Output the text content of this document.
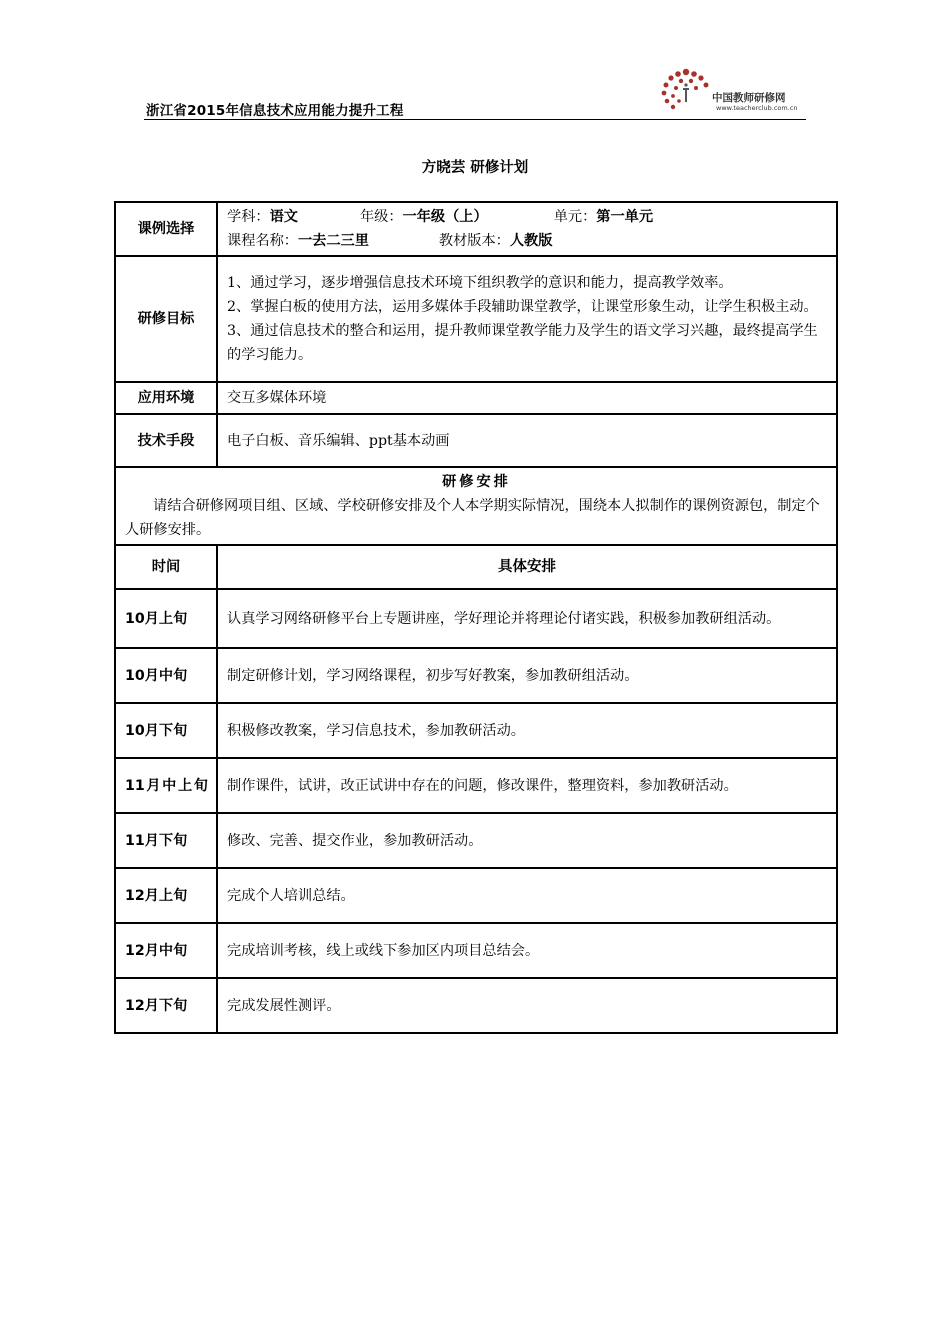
浙江省2015年信息技术应用能力提升工程
中国教师研修网
www.teacherclub.com.cn
方晓芸 研修计划
课例选择	学科：语文 年级：一年级（上） 单元：第一单元
课程名称：一去二三里 教材版本：人教版

研修目标	1、通过学习，逐步增强信息技术环境下组织教学的意识和能力，提高教学效率。
2、掌握白板的使用方法，运用多媒体手段辅助课堂教学，让课堂形象生动，让学生积极主动。
3、通过信息技术的整合和运用，提升教师课堂教学能力及学生的语文学习兴趣，最终提高学生的学习能力。

应用环境	交互多媒体环境
技术手段	电子白板、音乐编辑、ppt基本动画

研修安排
请结合研修网项目组、区域、学校研修安排及个人本学期实际情况，围绕本人拟制作的课例资源包，制定个人研修安排。	

时间	具体安排
10月上旬	认真学习网络研修平台上专题讲座，学好理论并将理论付诸实践，积极参加教研组活动。
10月中旬	制定研修计划，学习网络课程，初步写好教案，参加教研组活动。
10月下旬	积极修改教案，学习信息技术，参加教研活动。
11月中上旬	制作课件，试讲，改正试讲中存在的问题，修改课件，整理资料，参加教研活动。
11月下旬	修改、完善、提交作业，参加教研活动。
12月上旬	完成个人培训总结。
12月中旬	完成培训考核，线上或线下参加区内项目总结会。
12月下旬	完成发展性测评。
